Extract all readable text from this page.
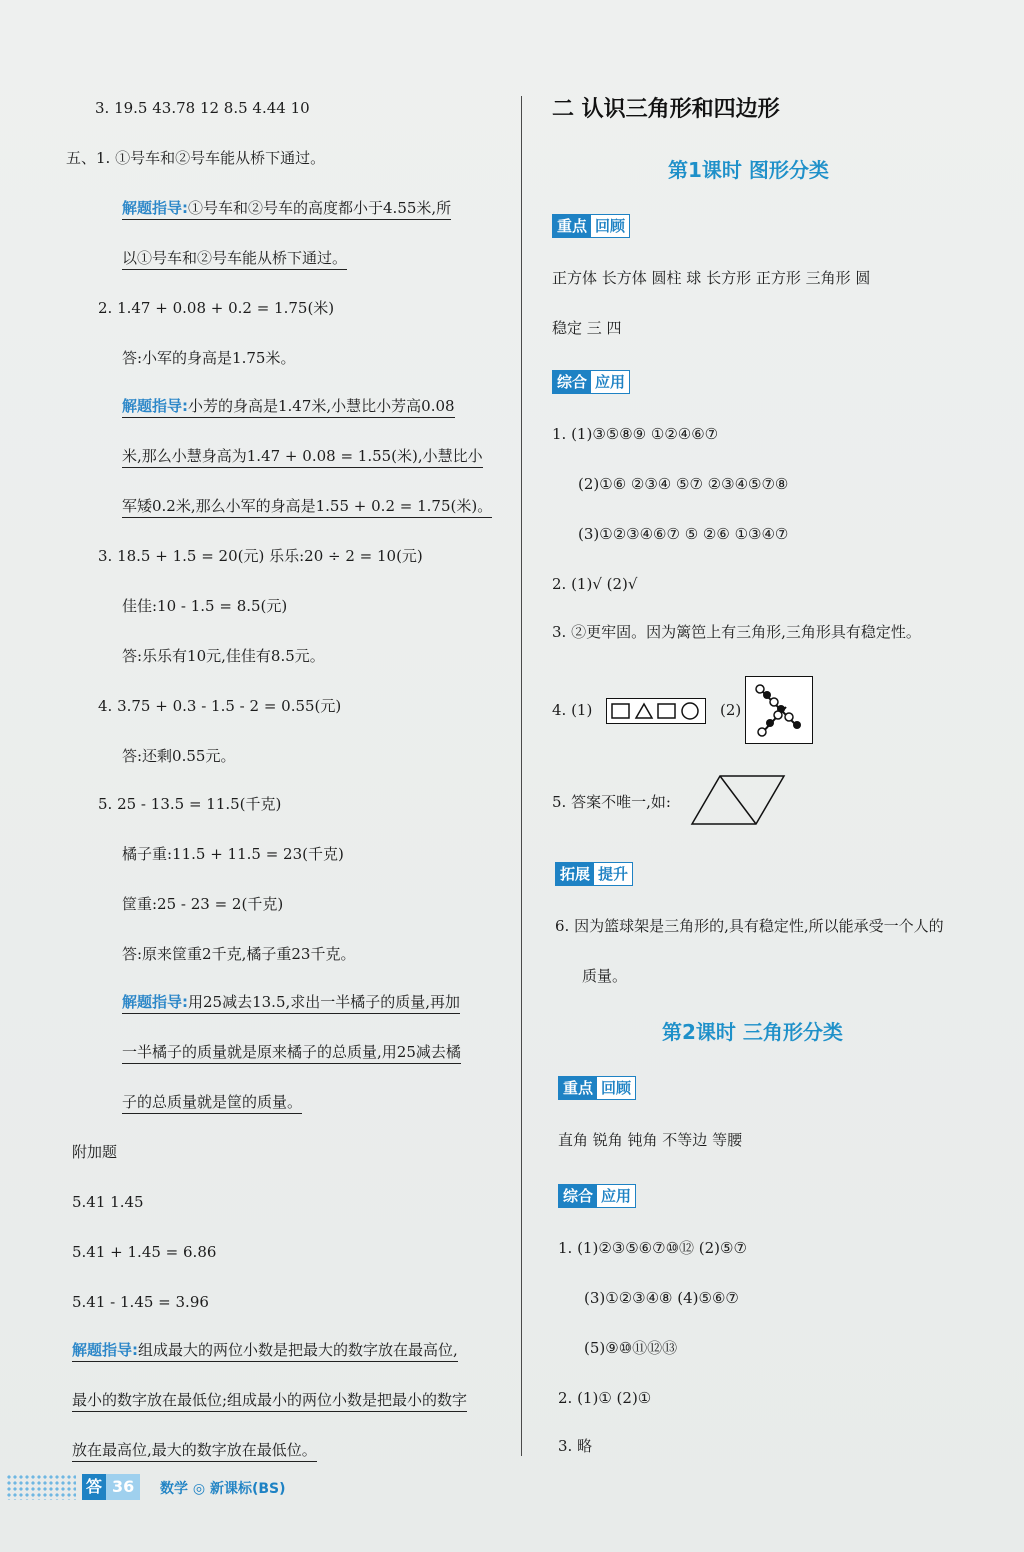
3. 19.5 43.78 12 8.5 4.44 10
五、1. ①号车和②号车能从桥下通过。
解题指导:①号车和②号车的高度都小于4.55米,所
以①号车和②号车能从桥下通过。
2. 1.47 + 0.08 + 0.2 = 1.75(米)
答:小军的身高是1.75米。
解题指导:小芳的身高是1.47米,小慧比小芳高0.08
米,那么小慧身高为1.47 + 0.08 = 1.55(米),小慧比小
军矮0.2米,那么小军的身高是1.55 + 0.2 = 1.75(米)。
3. 18.5 + 1.5 = 20(元) 乐乐:20 ÷ 2 = 10(元)
佳佳:10 - 1.5 = 8.5(元)
答:乐乐有10元,佳佳有8.5元。
4. 3.75 + 0.3 - 1.5 - 2 = 0.55(元)
答:还剩0.55元。
5. 25 - 13.5 = 11.5(千克)
橘子重:11.5 + 11.5 = 23(千克)
筐重:25 - 23 = 2(千克)
答:原来筐重2千克,橘子重23千克。
解题指导:用25减去13.5,求出一半橘子的质量,再加
一半橘子的质量就是原来橘子的总质量,用25减去橘
子的总质量就是筐的质量。
附加题
5.41 1.45
5.41 + 1.45 = 6.86
5.41 - 1.45 = 3.96
解题指导:组成最大的两位小数是把最大的数字放在最高位,
最小的数字放在最低位;组成最小的两位小数是把最小的数字
放在最高位,最大的数字放在最低位。
二 认识三角形和四边形
第1课时 图形分类
重点 回顾
正方体 长方体 圆柱 球 长方形 正方形 三角形 圆
稳定 三 四
综合 应用
1. (1)③⑤⑧⑨ ①②④⑥⑦
(2)①⑥ ②③④ ⑤⑦ ②③④⑤⑦⑧
(3)①②③④⑥⑦ ⑤ ②⑥ ①③④⑦
2. (1)√ (2)√
3. ②更牢固。因为篱笆上有三角形,三角形具有稳定性。
4. (1)	(2)
5. 答案不唯一,如:
拓展 提升
6. 因为篮球架是三角形的,具有稳定性,所以能承受一个人的
质量。
第2课时 三角形分类
重点 回顾
直角 锐角 钝角 不等边 等腰
综合 应用
1. (1)②③⑤⑥⑦⑩⑫ (2)⑤⑦
(3)①②③④⑧ (4)⑤⑥⑦
(5)⑨⑩⑪⑫⑬
2. (1)① (2)①
3. 略
答 36	数学 ◎ 新课标(BS)
